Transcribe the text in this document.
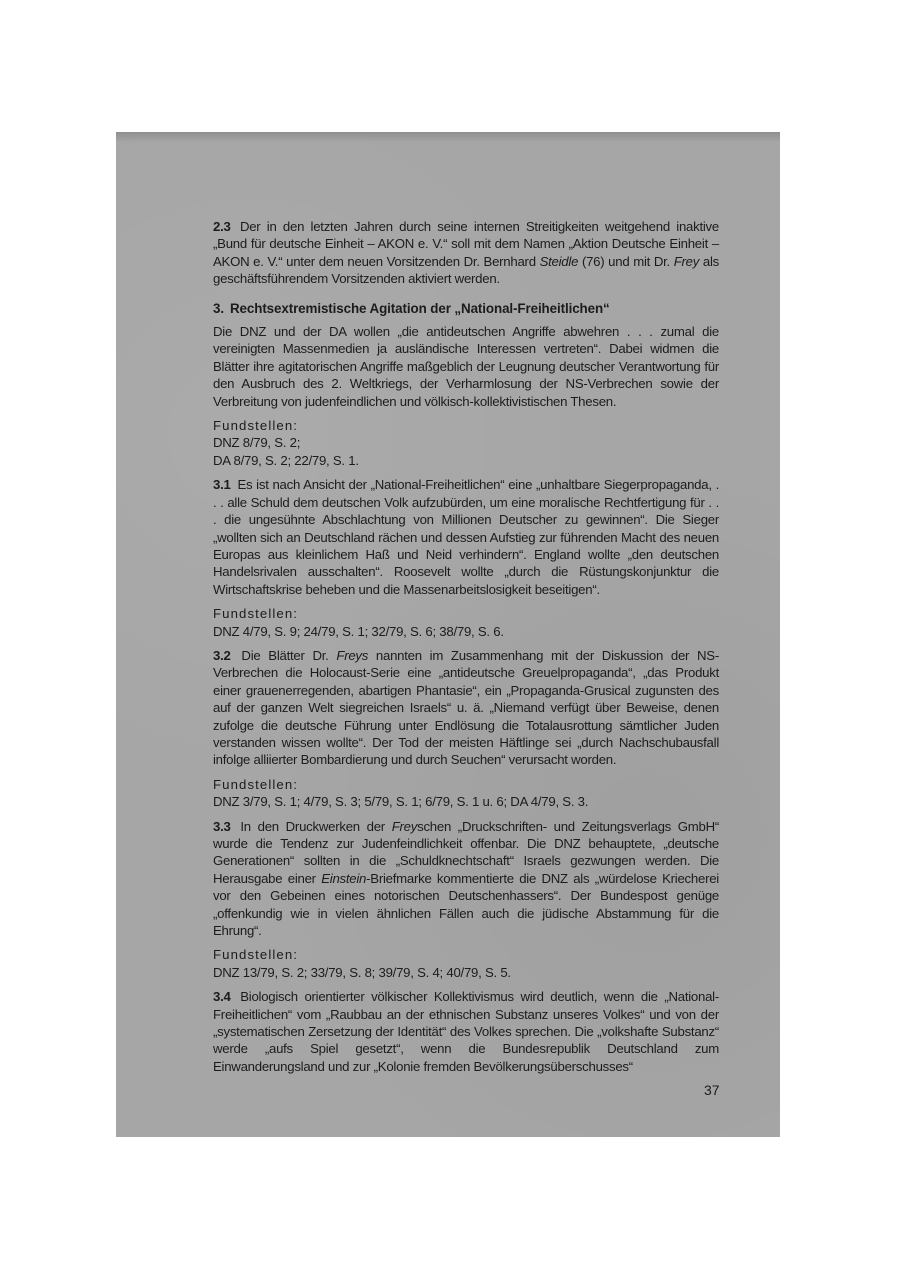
2.3 Der in den letzten Jahren durch seine internen Streitigkeiten weitgehend inaktive „Bund für deutsche Einheit – AKON e. V.“ soll mit dem Namen „Aktion Deutsche Einheit – AKON e. V.“ unter dem neuen Vorsitzenden Dr. Bernhard Steidle (76) und mit Dr. Frey als geschäftsführendem Vorsitzenden aktiviert werden.

3. Rechtsextremistische Agitation der „National-Freiheitlichen“

Die DNZ und der DA wollen „die antideutschen Angriffe abwehren . . . zumal die vereinigten Massenmedien ja ausländische Interessen vertreten“. Dabei widmen die Blätter ihre agitatorischen Angriffe maßgeblich der Leugnung deutscher Verantwortung für den Ausbruch des 2. Weltkriegs, der Verharmlosung der NS-Verbrechen sowie der Verbreitung von judenfeindlichen und völkisch-kollektivistischen Thesen.

Fundstellen:
DNZ 8/79, S. 2;
DA 8/79, S. 2; 22/79, S. 1.

3.1 Es ist nach Ansicht der „National-Freiheitlichen“ eine „unhaltbare Siegerpropaganda, . . . alle Schuld dem deutschen Volk aufzubürden, um eine moralische Rechtfertigung für . . . die ungesühnte Abschlachtung von Millionen Deutscher zu gewinnen“. Die Sieger „wollten sich an Deutschland rächen und dessen Aufstieg zur führenden Macht des neuen Europas aus kleinlichem Haß und Neid verhindern“. England wollte „den deutschen Handelsrivalen ausschalten“. Roosevelt wollte „durch die Rüstungskonjunktur die Wirtschaftskrise beheben und die Massenarbeitslosigkeit beseitigen“.

Fundstellen:
DNZ 4/79, S. 9; 24/79, S. 1; 32/79, S. 6; 38/79, S. 6.

3.2 Die Blätter Dr. Freys nannten im Zusammenhang mit der Diskussion der NS-Verbrechen die Holocaust-Serie eine „antideutsche Greuelpropaganda“, „das Produkt einer grauenerregenden, abartigen Phantasie“, ein „Propaganda-Grusical zugunsten des auf der ganzen Welt siegreichen Israels“ u. ä. „Niemand verfügt über Beweise, denen zufolge die deutsche Führung unter Endlösung die Totalausrottung sämtlicher Juden verstanden wissen wollte“. Der Tod der meisten Häftlinge sei „durch Nachschubausfall infolge alliierter Bombardierung und durch Seuchen“ verursacht worden.

Fundstellen:
DNZ 3/79, S. 1; 4/79, S. 3; 5/79, S. 1; 6/79, S. 1 u. 6; DA 4/79, S. 3.

3.3 In den Druckwerken der Freyschen „Druckschriften- und Zeitungsverlags GmbH“ wurde die Tendenz zur Judenfeindlichkeit offenbar. Die DNZ behauptete, „deutsche Generationen“ sollten in die „Schuldknechtschaft“ Israels gezwungen werden. Die Herausgabe einer Einstein-Briefmarke kommentierte die DNZ als „würdelose Kriecherei vor den Gebeinen eines notorischen Deutschenhassers“. Der Bundespost genüge „offenkundig wie in vielen ähnlichen Fällen auch die jüdische Abstammung für die Ehrung“.

Fundstellen:
DNZ 13/79, S. 2; 33/79, S. 8; 39/79, S. 4; 40/79, S. 5.

3.4 Biologisch orientierter völkischer Kollektivismus wird deutlich, wenn die „National-Freiheitlichen“ vom „Raubbau an der ethnischen Substanz unseres Volkes“ und von der „systematischen Zersetzung der Identität“ des Volkes sprechen. Die „volkshafte Substanz“ werde „aufs Spiel gesetzt“, wenn die Bundesrepublik Deutschland zum Einwanderungsland und zur „Kolonie fremden Bevölkerungsüberschusses“

37
